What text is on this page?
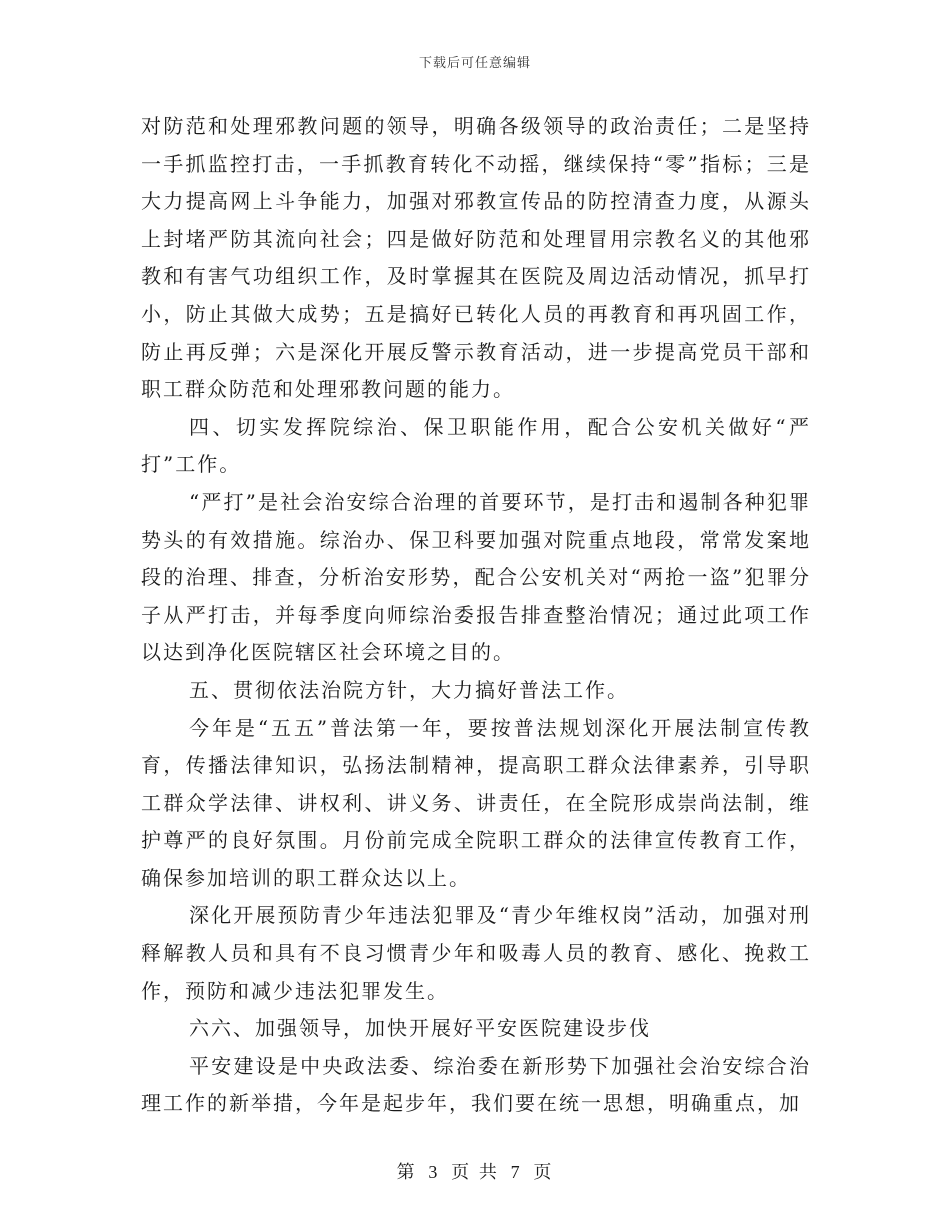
下载后可任意编辑

对防范和处理邪教问题的领导，明确各级领导的政治责任；二是坚持一手抓监控打击，一手抓教育转化不动摇，继续保持“零”指标；三是大力提高网上斗争能力，加强对邪教宣传品的防控清查力度，从源头上封堵严防其流向社会；四是做好防范和处理冒用宗教名义的其他邪教和有害气功组织工作，及时掌握其在医院及周边活动情况，抓早打小，防止其做大成势；五是搞好已转化人员的再教育和再巩固工作，防止再反弹；六是深化开展反警示教育活动，进一步提高党员干部和职工群众防范和处理邪教问题的能力。

四、切实发挥院综治、保卫职能作用，配合公安机关做好“严打”工作。

“严打”是社会治安综合治理的首要环节，是打击和遏制各种犯罪势头的有效措施。综治办、保卫科要加强对院重点地段，常常发案地段的治理、排查，分析治安形势，配合公安机关对“两抢一盗”犯罪分子从严打击，并每季度向师综治委报告排查整治情况；通过此项工作以达到净化医院辖区社会环境之目的。

五、贯彻依法治院方针，大力搞好普法工作。

今年是“五五”普法第一年，要按普法规划深化开展法制宣传教育，传播法律知识，弘扬法制精神，提高职工群众法律素养，引导职工群众学法律、讲权利、讲义务、讲责任，在全院形成崇尚法制，维护尊严的良好氛围。月份前完成全院职工群众的法律宣传教育工作，确保参加培训的职工群众达以上。

深化开展预防青少年违法犯罪及“青少年维权岗”活动，加强对刑释解教人员和具有不良习惯青少年和吸毒人员的教育、感化、挽救工作，预防和减少违法犯罪发生。

六六、加强领导，加快开展好平安医院建设步伐

平安建设是中央政法委、综治委在新形势下加强社会治安综合治理工作的新举措，今年是起步年，我们要在统一思想，明确重点，加

第 3 页 共 7 页
